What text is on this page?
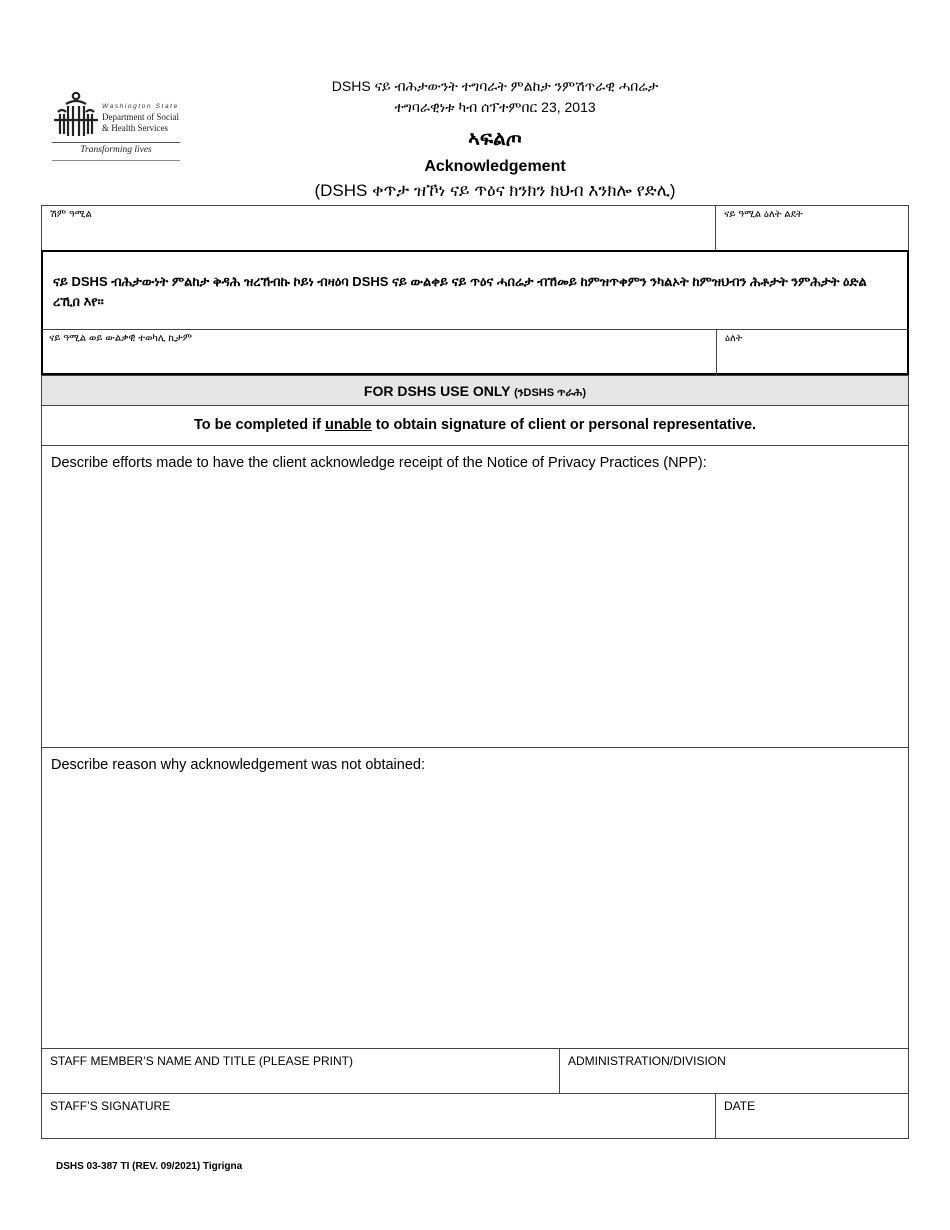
Washington State
Department of Social
& Health Services
Transforming lives
DSHS ናይ ብሕታውንት ተግባራት ምልከታ ንምሽጥራዊ ሓበሬታ
ተግባራዊነቱ ካብ ሰፕተምበር 23, 2013
ኣፍልጦ
Acknowledgement
(DSHS ቀጥታ ዝኾነ ናይ ጥዕና ክንክን ክህብ እንክሎ የድሊ)
ሽም ዓሚል	ናይ ዓሚል ዕለት ልደት
ናይ DSHS ብሕታውነት ምልከታ ቅዳሕ ዝረኸብኩ ኮይነ ብዛዕባ DSHS ናይ ውልቀይ ናይ ጥዕና ሓበሬታ ብኸመይ ከምዝጥቀምን ንካልኦት ከምዝህብን ሕቶታት ንምሕታት ዕድል ረኺበ እየ፡፡
ናይ ዓሚል ወይ ውልቃዊ ተወካሊ ኪታም	ዕለት
FOR DSHS USE ONLY (ንDSHS ጥራሕ)
To be completed if unable to obtain signature of client or personal representative.
Describe efforts made to have the client acknowledge receipt of the Notice of Privacy Practices (NPP):
Describe reason why acknowledgement was not obtained:
STAFF MEMBER’S NAME AND TITLE (PLEASE PRINT)	ADMINISTRATION/DIVISION
STAFF’S SIGNATURE	DATE
DSHS 03-387 TI (REV. 09/2021) Tigrigna
